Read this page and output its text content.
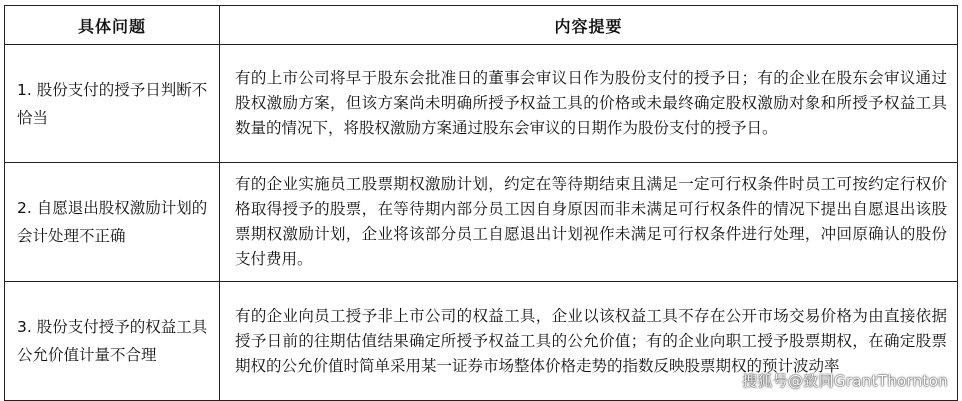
具体问题	内容提要
1. 股份支付的授予日判断不恰当	有的上市公司将早于股东会批准日的董事会审议日作为股份支付的授予日；有的企业在股东会审议通过股权激励方案，但该方案尚未明确所授予权益工具的价格或未最终确定股权激励对象和所授予权益工具数量的情况下，将股权激励方案通过股东会审议的日期作为股份支付的授予日。
2. 自愿退出股权激励计划的会计处理不正确	有的企业实施员工股票期权激励计划，约定在等待期结束且满足一定可行权条件时员工可按约定行权价格取得授予的股票，在等待期内部分员工因自身原因而非未满足可行权条件的情况下提出自愿退出该股票期权激励计划，企业将该部分员工自愿退出计划视作未满足可行权条件进行处理，冲回原确认的股份支付费用。
3. 股份支付授予的权益工具公允价值计量不合理	有的企业向员工授予非上市公司的权益工具，企业以该权益工具不存在公开市场交易价格为由直接依据授予日前的往期估值结果确定所授予权益工具的公允价值；有的企业向职工授予股票期权，在确定股票期权的公允价值时简单采用某一证券市场整体价格走势的指数反映股票期权的预计波动率
搜狐号@致同GrantThornton
